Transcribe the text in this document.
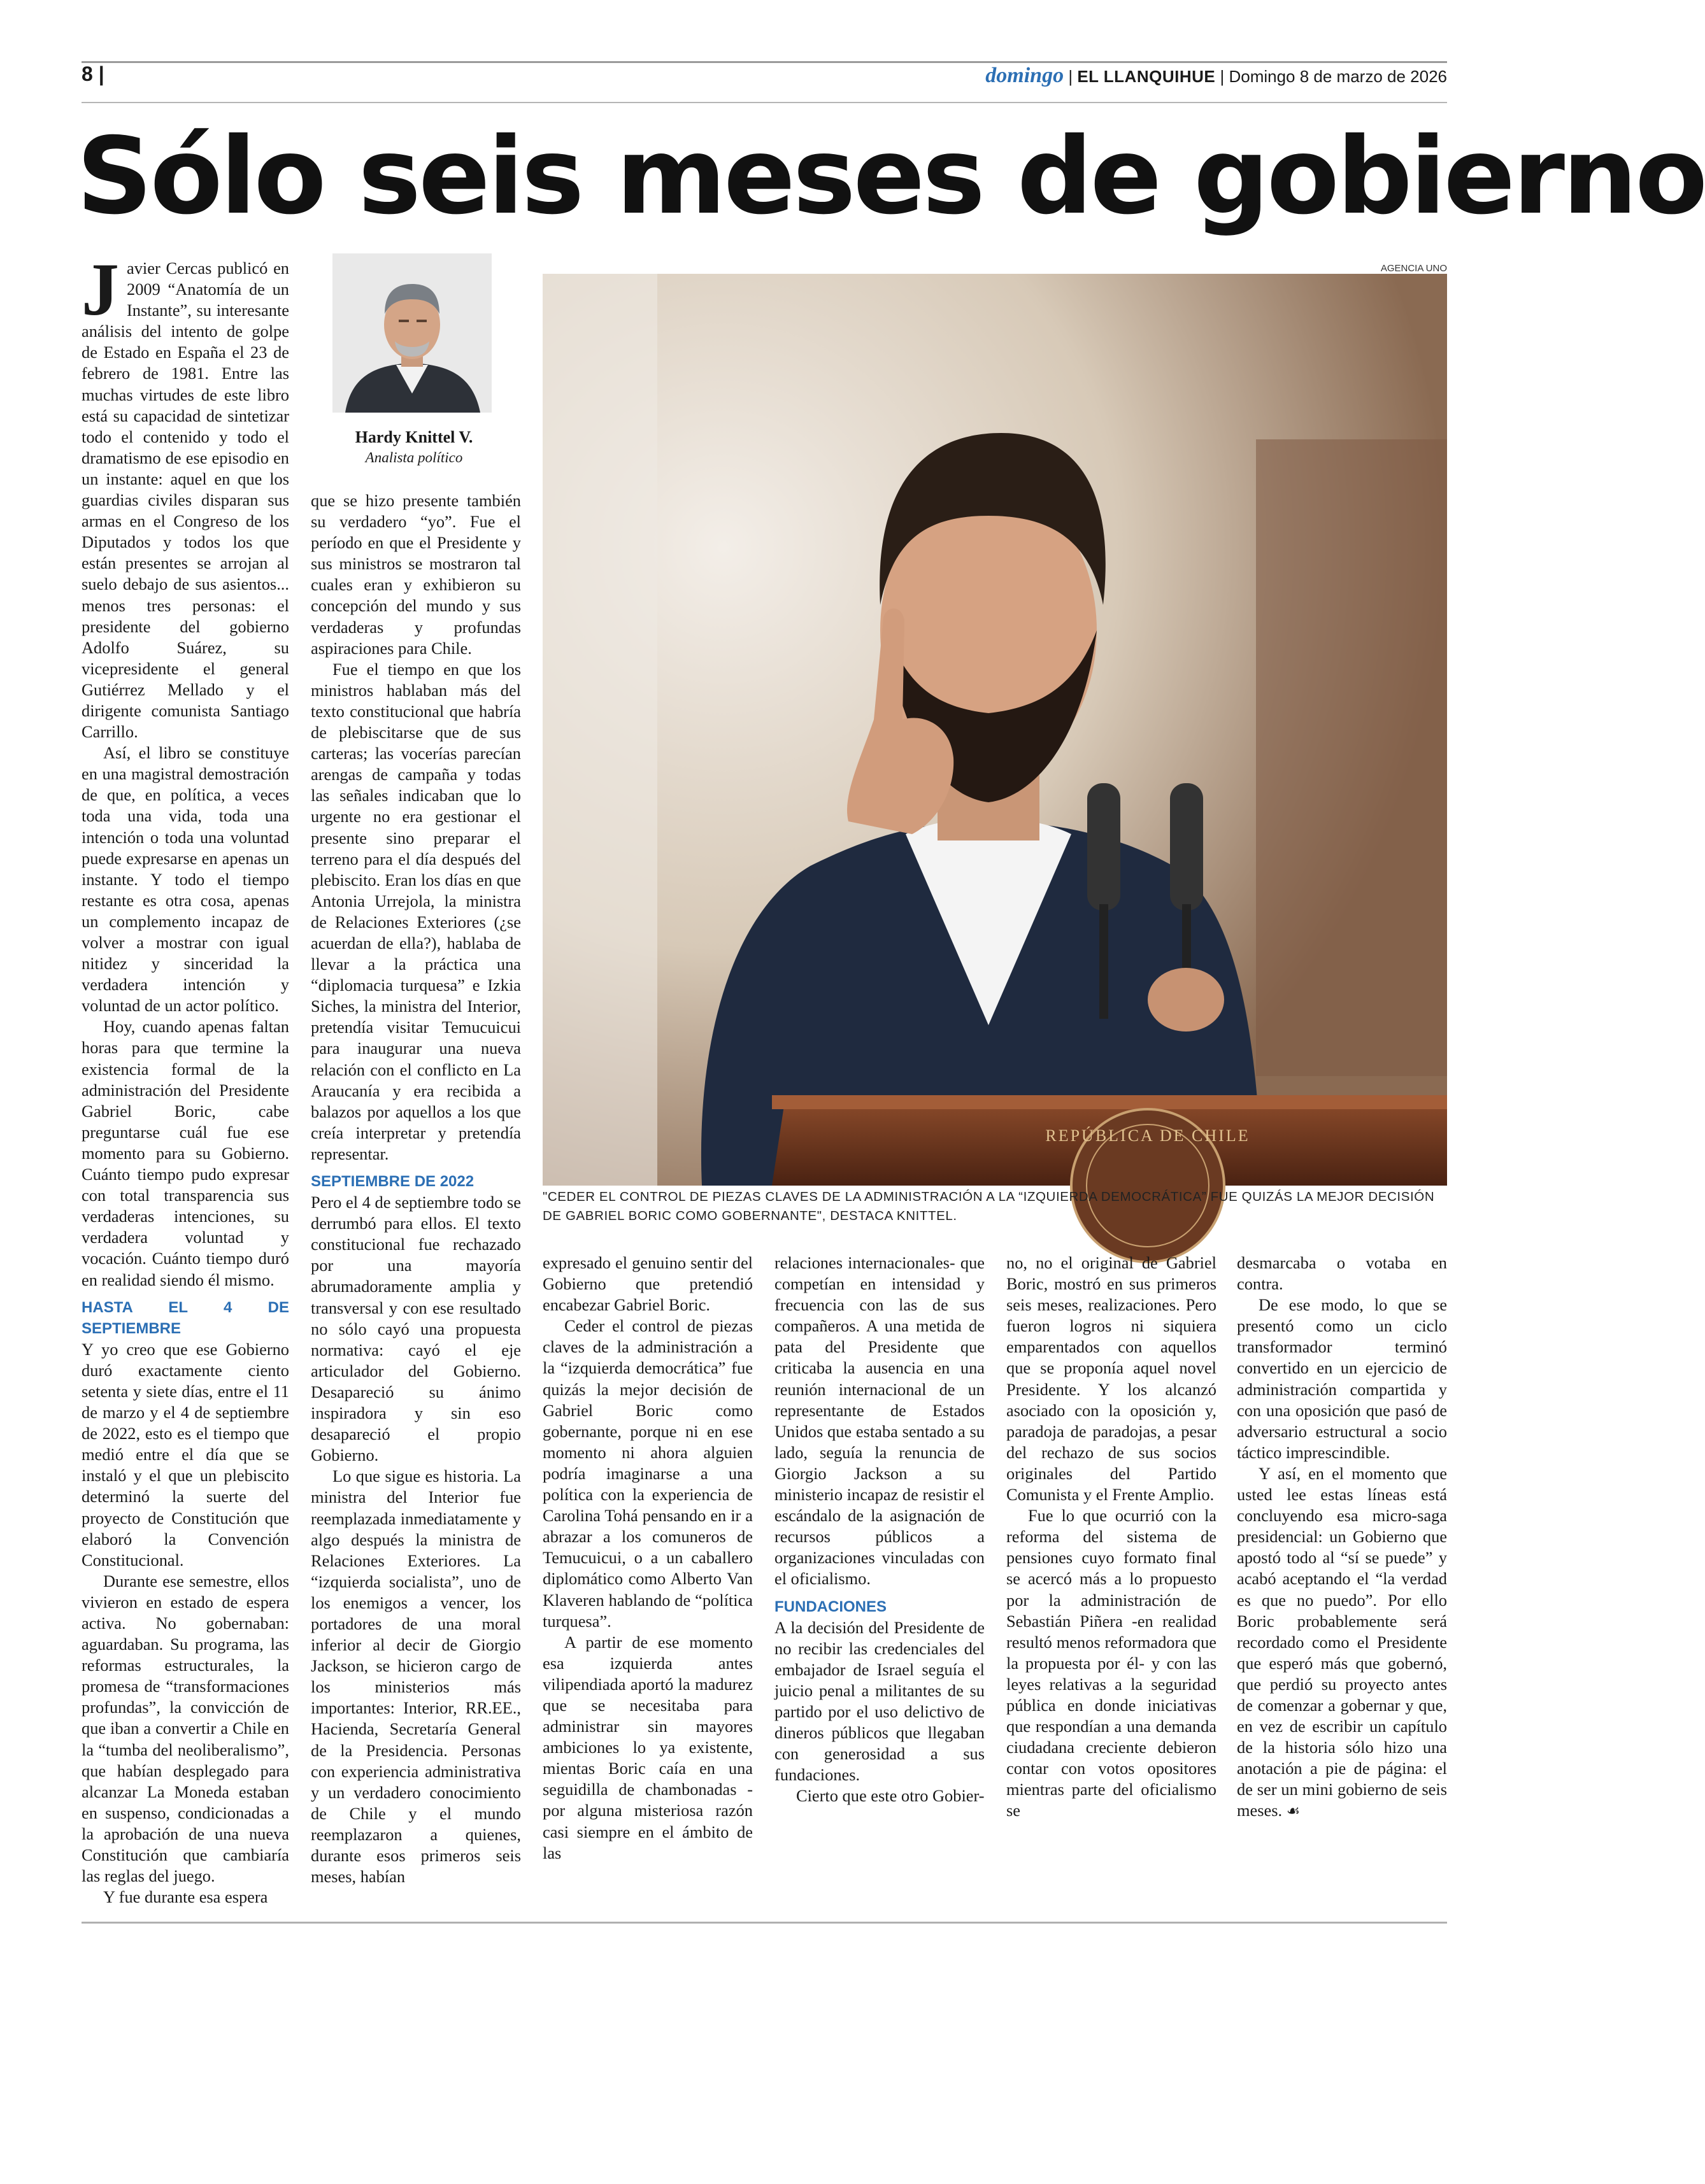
8 |	domingo | EL LLANQUIHUE | Domingo 8 de marzo de 2026
Sólo seis meses de gobierno

Javier Cercas publicó en 2009 “Anatomía de un Instante”, su interesante análisis del intento de golpe de Estado en España el 23 de febrero de 1981. Entre las muchas virtudes de este libro está su capacidad de sintetizar todo el contenido y todo el dramatismo de ese episodio en un instante: aquel en que los guardias civiles disparan sus armas en el Congreso de los Diputados y todos los que están presentes se arrojan al suelo debajo de sus asientos... menos tres personas: el presidente del gobierno Adolfo Suárez, su vicepresidente el general Gutiérrez Mellado y el dirigente comunista Santiago Carrillo.

Así, el libro se constituye en una magistral demostración de que, en política, a veces toda una vida, toda una intención o toda una voluntad puede expresarse en apenas un instante. Y todo el tiempo restante es otra cosa, apenas un complemento incapaz de volver a mostrar con igual nitidez y sinceridad la verdadera intención y voluntad de un actor político.

Hoy, cuando apenas faltan horas para que termine la existencia formal de la administración del Presidente Gabriel Boric, cabe preguntarse cuál fue ese momento para su Gobierno. Cuánto tiempo pudo expresar con total transparencia sus verdaderas intenciones, su verdadera voluntad y vocación. Cuánto tiempo duró en realidad siendo él mismo.

HASTA EL 4 DE SEPTIEMBRE

Y yo creo que ese Gobierno duró exactamente ciento setenta y siete días, entre el 11 de marzo y el 4 de septiembre de 2022, esto es el tiempo que medió entre el día que se instaló y el que un plebiscito determinó la suerte del proyecto de Constitución que elaboró la Convención Constitucional.

Durante ese semestre, ellos vivieron en estado de espera activa. No gobernaban: aguardaban. Su programa, las reformas estructurales, la promesa de “transformaciones profundas”, la convicción de que iban a convertir a Chile en la “tumba del neoliberalismo”, que habían desplegado para alcanzar La Moneda estaban en suspenso, condicionadas a la aprobación de una nueva Constitución que cambiaría las reglas del juego.

Y fue durante esa espera

Hardy Knittel V.
Analista político

que se hizo presente también su verdadero “yo”. Fue el período en que el Presidente y sus ministros se mostraron tal cuales eran y exhibieron su concepción del mundo y sus verdaderas y profundas aspiraciones para Chile.

Fue el tiempo en que los ministros hablaban más del texto constitucional que habría de plebiscitarse que de sus carteras; las vocerías parecían arengas de campaña y todas las señales indicaban que lo urgente no era gestionar el presente sino preparar el terreno para el día después del plebiscito. Eran los días en que Antonia Urrejola, la ministra de Relaciones Exteriores (¿se acuerdan de ella?), hablaba de llevar a la práctica una “diplomacia turquesa” e Izkia Siches, la ministra del Interior, pretendía visitar Temucuicui para inaugurar una nueva relación con el conflicto en La Araucanía y era recibida a balazos por aquellos a los que creía interpretar y pretendía representar.

SEPTIEMBRE DE 2022

Pero el 4 de septiembre todo se derrumbó para ellos. El texto constitucional fue rechazado por una mayoría abrumadoramente amplia y transversal y con ese resultado no sólo cayó una propuesta normativa: cayó el eje articulador del Gobierno. Desapareció su ánimo inspiradora y sin eso desapareció el propio Gobierno.

Lo que sigue es historia. La ministra del Interior fue reemplazada inmediatamente y algo después la ministra de Relaciones Exteriores. La “izquierda socialista”, uno de los enemigos a vencer, los portadores de una moral inferior al decir de Giorgio Jackson, se hicieron cargo de los ministerios más importantes: Interior, RR.EE., Hacienda, Secretaría General de la Presidencia. Personas con experiencia administrativa y un verdadero conocimiento de Chile y el mundo reemplazaron a quienes, durante esos primeros seis meses, habían

AGENCIA UNO
REPÚBLICA DE CHILE
"CEDER EL CONTROL DE PIEZAS CLAVES DE LA ADMINISTRACIÓN A LA “IZQUIERDA DEMOCRÁTICA” FUE QUIZÁS LA MEJOR DECISIÓN DE GABRIEL BORIC COMO GOBERNANTE", DESTACA KNITTEL.

expresado el genuino sentir del Gobierno que pretendió encabezar Gabriel Boric.

Ceder el control de piezas claves de la administración a la “izquierda democrática” fue quizás la mejor decisión de Gabriel Boric como gobernante, porque ni en ese momento ni ahora alguien podría imaginarse a una política con la experiencia de Carolina Tohá pensando en ir a abrazar a los comuneros de Temucuicui, o a un caballero diplomático como Alberto Van Klaveren hablando de “política turquesa”.

A partir de ese momento esa izquierda antes vilipendiada aportó la madurez que se necesitaba para administrar sin mayores ambiciones lo ya existente, mientas Boric caía en una seguidilla de chambonadas -por alguna misteriosa razón casi siempre en el ámbito de las

relaciones internacionales- que competían en intensidad y frecuencia con las de sus compañeros. A una metida de pata del Presidente que criticaba la ausencia en una reunión internacional de un representante de Estados Unidos que estaba sentado a su lado, seguía la renuncia de Giorgio Jackson a su ministerio incapaz de resistir el escándalo de la asignación de recursos públicos a organizaciones vinculadas con el oficialismo.

FUNDACIONES

A la decisión del Presidente de no recibir las credenciales del embajador de Israel seguía el juicio penal a militantes de su partido por el uso delictivo de dineros públicos que llegaban con generosidad a sus fundaciones.

Cierto que este otro Gobier-

no, no el original de Gabriel Boric, mostró en sus primeros seis meses, realizaciones. Pero fueron logros ni siquiera emparentados con aquellos que se proponía aquel novel Presidente. Y los alcanzó asociado con la oposición y, paradoja de paradojas, a pesar del rechazo de sus socios originales del Partido Comunista y el Frente Amplio.

Fue lo que ocurrió con la reforma del sistema de pensiones cuyo formato final se acercó más a lo propuesto por la administración de Sebastián Piñera -en realidad resultó menos reformadora que la propuesta por él- y con las leyes relativas a la seguridad pública en donde iniciativas que respondían a una demanda ciudadana creciente debieron contar con votos opositores mientras parte del oficialismo se

desmarcaba o votaba en contra.

De ese modo, lo que se presentó como un ciclo transformador terminó convertido en un ejercicio de administración compartida y con una oposición que pasó de adversario estructural a socio táctico imprescindible.

Y así, en el momento que usted lee estas líneas está concluyendo esa micro-saga presidencial: un Gobierno que apostó todo al “sí se puede” y acabó aceptando el “la verdad es que no puedo”. Por ello Boric probablemente será recordado como el Presidente que esperó más que gobernó, que perdió su proyecto antes de comenzar a gobernar y que, en vez de escribir un capítulo de la historia sólo hizo una anotación a pie de página: el de ser un mini gobierno de seis meses. ☙
